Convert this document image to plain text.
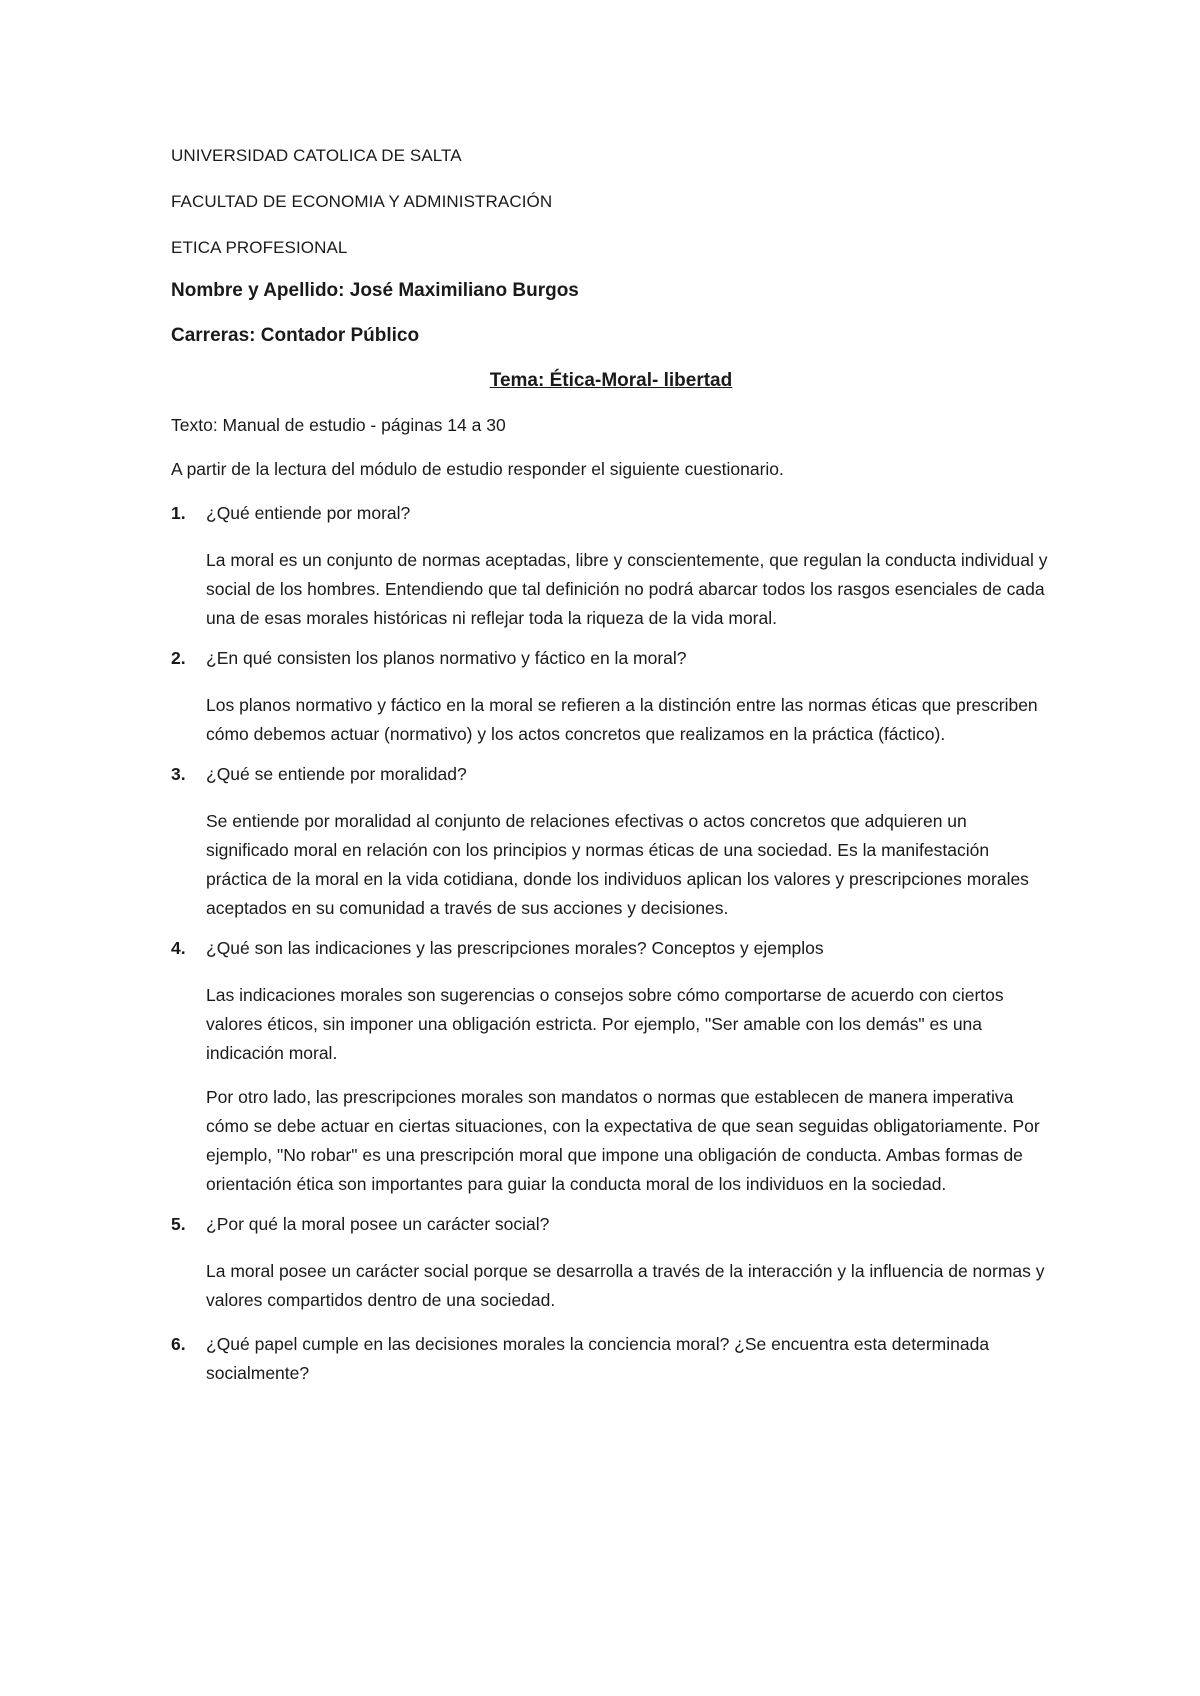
UNIVERSIDAD CATOLICA DE SALTA
FACULTAD DE ECONOMIA Y ADMINISTRACIÓN
ETICA PROFESIONAL
Nombre y Apellido: José Maximiliano Burgos
Carreras: Contador Público
Tema: Ética-Moral- libertad
Texto: Manual de estudio - páginas 14 a 30
A partir de la lectura del módulo de estudio responder el siguiente cuestionario.
1. ¿Qué entiende por moral?
La moral es un conjunto de normas aceptadas, libre y conscientemente, que regulan la conducta individual y social de los hombres. Entendiendo que tal definición no podrá abarcar todos los rasgos esenciales de cada una de esas morales históricas ni reflejar toda la riqueza de la vida moral.
2. ¿En qué consisten los planos normativo y fáctico en la moral?
Los planos normativo y fáctico en la moral se refieren a la distinción entre las normas éticas que prescriben cómo debemos actuar (normativo) y los actos concretos que realizamos en la práctica (fáctico).
3. ¿Qué se entiende por moralidad?
Se entiende por moralidad al conjunto de relaciones efectivas o actos concretos que adquieren un significado moral en relación con los principios y normas éticas de una sociedad. Es la manifestación práctica de la moral en la vida cotidiana, donde los individuos aplican los valores y prescripciones morales aceptados en su comunidad a través de sus acciones y decisiones.
4. ¿Qué son las indicaciones y las prescripciones morales? Conceptos y ejemplos
Las indicaciones morales son sugerencias o consejos sobre cómo comportarse de acuerdo con ciertos valores éticos, sin imponer una obligación estricta. Por ejemplo, "Ser amable con los demás" es una indicación moral.
Por otro lado, las prescripciones morales son mandatos o normas que establecen de manera imperativa cómo se debe actuar en ciertas situaciones, con la expectativa de que sean seguidas obligatoriamente. Por ejemplo, "No robar" es una prescripción moral que impone una obligación de conducta. Ambas formas de orientación ética son importantes para guiar la conducta moral de los individuos en la sociedad.
5. ¿Por qué la moral posee un carácter social?
La moral posee un carácter social porque se desarrolla a través de la interacción y la influencia de normas y valores compartidos dentro de una sociedad.
6. ¿Qué papel cumple en las decisiones morales la conciencia moral? ¿Se encuentra esta determinada socialmente?
